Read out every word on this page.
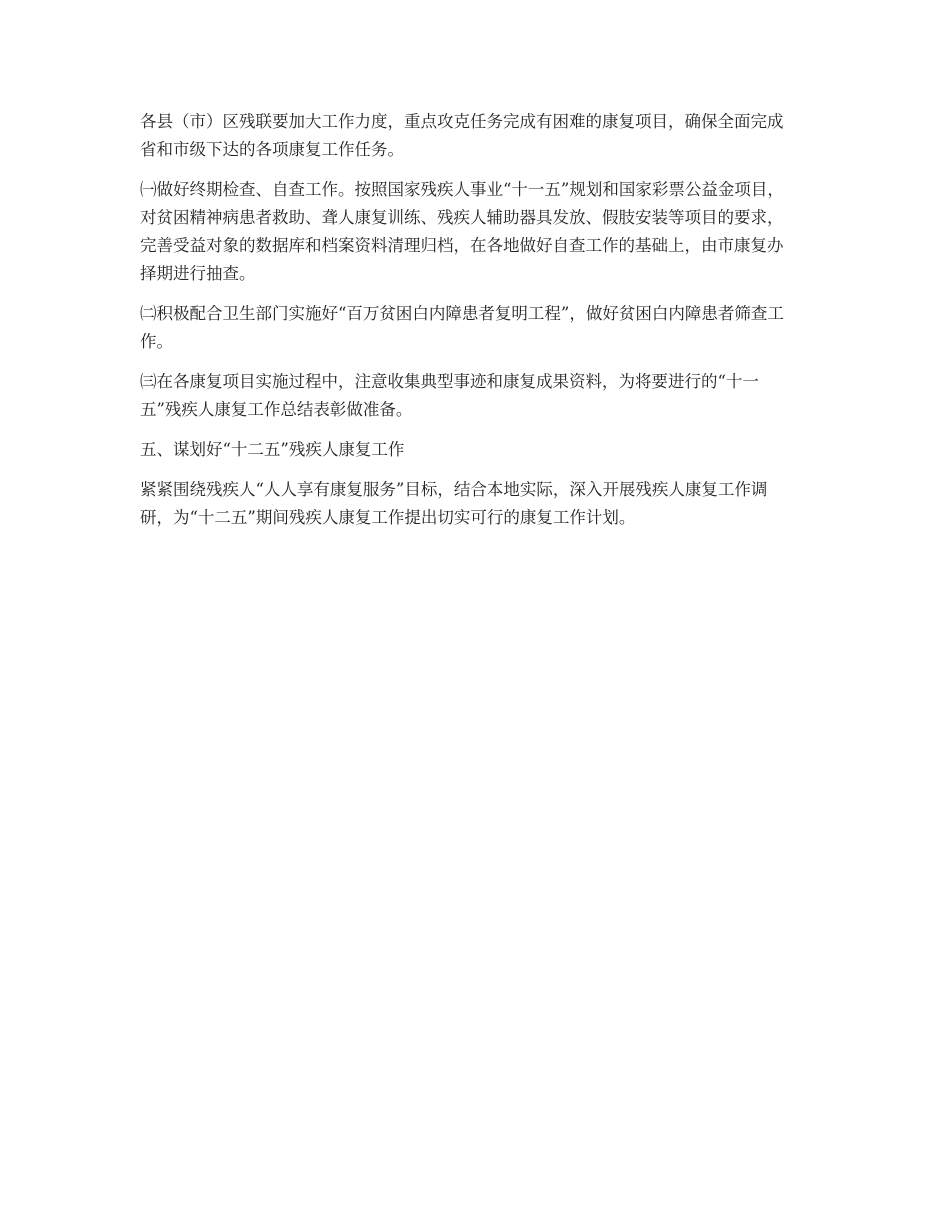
各县（市）区残联要加大工作力度，重点攻克任务完成有困难的康复项目，确保全面完成
省和市级下达的各项康复工作任务。

㈠做好终期检查、自查工作。按照国家残疾人事业“十一五”规划和国家彩票公益金项目，
对贫困精神病患者救助、聋人康复训练、残疾人辅助器具发放、假肢安装等项目的要求，
完善受益对象的数据库和档案资料清理归档，在各地做好自查工作的基础上，由市康复办
择期进行抽查。

㈡积极配合卫生部门实施好“百万贫困白内障患者复明工程”，做好贫困白内障患者筛查工
作。

㈢在各康复项目实施过程中，注意收集典型事迹和康复成果资料，为将要进行的“十一
五”残疾人康复工作总结表彰做准备。

五、谋划好“十二五”残疾人康复工作

紧紧围绕残疾人“人人享有康复服务”目标，结合本地实际，深入开展残疾人康复工作调
研，为“十二五”期间残疾人康复工作提出切实可行的康复工作计划。
